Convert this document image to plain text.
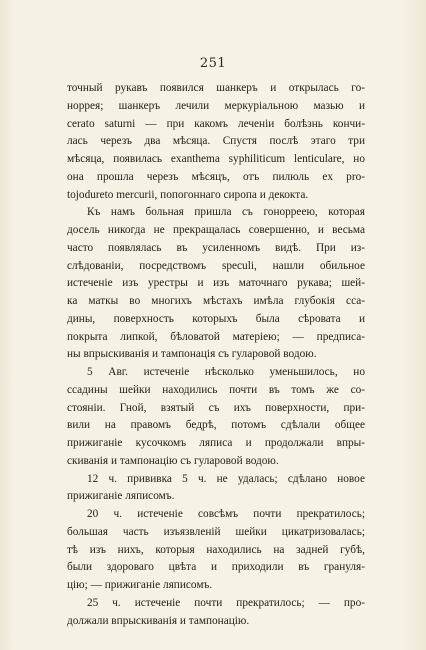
251
точный рукавъ появился шанкеръ и открылась го-
норрея; шанкеръ лечили меркуріальною мазью и
cerato saturni — при какомъ леченіи болѣзнь кончи-
лась черезъ два мѣсяца. Спустя послѣ этаго три
мѣсяца, появилась exanthema syphiliticum lenticulare, но
она прошла черезъ мѣсяцъ, отъ пилюль ex pro-
tojodureto mercurii, попогоннаго сиропа и декокта.
Къ намъ больная пришла съ гонорреею, которая
досель никогда не прекращалась совершенно, и весьма
часто появлялась въ усиленномъ видѣ. При из-
слѣдованіи, посредствомъ speculi, нашли обильное
истеченіе изъ урестры и изъ маточнаго рукава; шей-
ка маткы во многихъ мѣстахъ имѣла глубокія сса-
дины, поверхность которыхъ была сѣровата и
покрыта липкой, бѣловатой матеріею; — предписа-
ны впрыскиванія и тампонація съ гуларовой водою.
5 Авг. истеченіе нѣсколько уменьшилось, но
ссадины шейки находились почти въ томъ же со-
стояніи. Гной, взятый съ ихъ поверхности, при-
вили на правомъ бедрѣ, потомъ сдѣлали общее
прижиганіе кусочкомъ ляписа и продолжали впры-
скиванія и тампонацію съ гуларовой водою.
12 ч. прививка 5 ч. не удалась; сдѣлано новое
прижиганіе ляписомъ.
20 ч. истеченіе совсѣмъ почти прекратилось;
большая часть изъязвленій шейки цикатризовалась;
тѣ изъ нихъ, которыя находились на задней губѣ,
были здороваго цвѣта и приходили въ грануля-
цію; — прижиганіе ляписомъ.
25 ч. истеченіе почти прекратилось; — про-
должали впрыскиванія и тампонацію.
